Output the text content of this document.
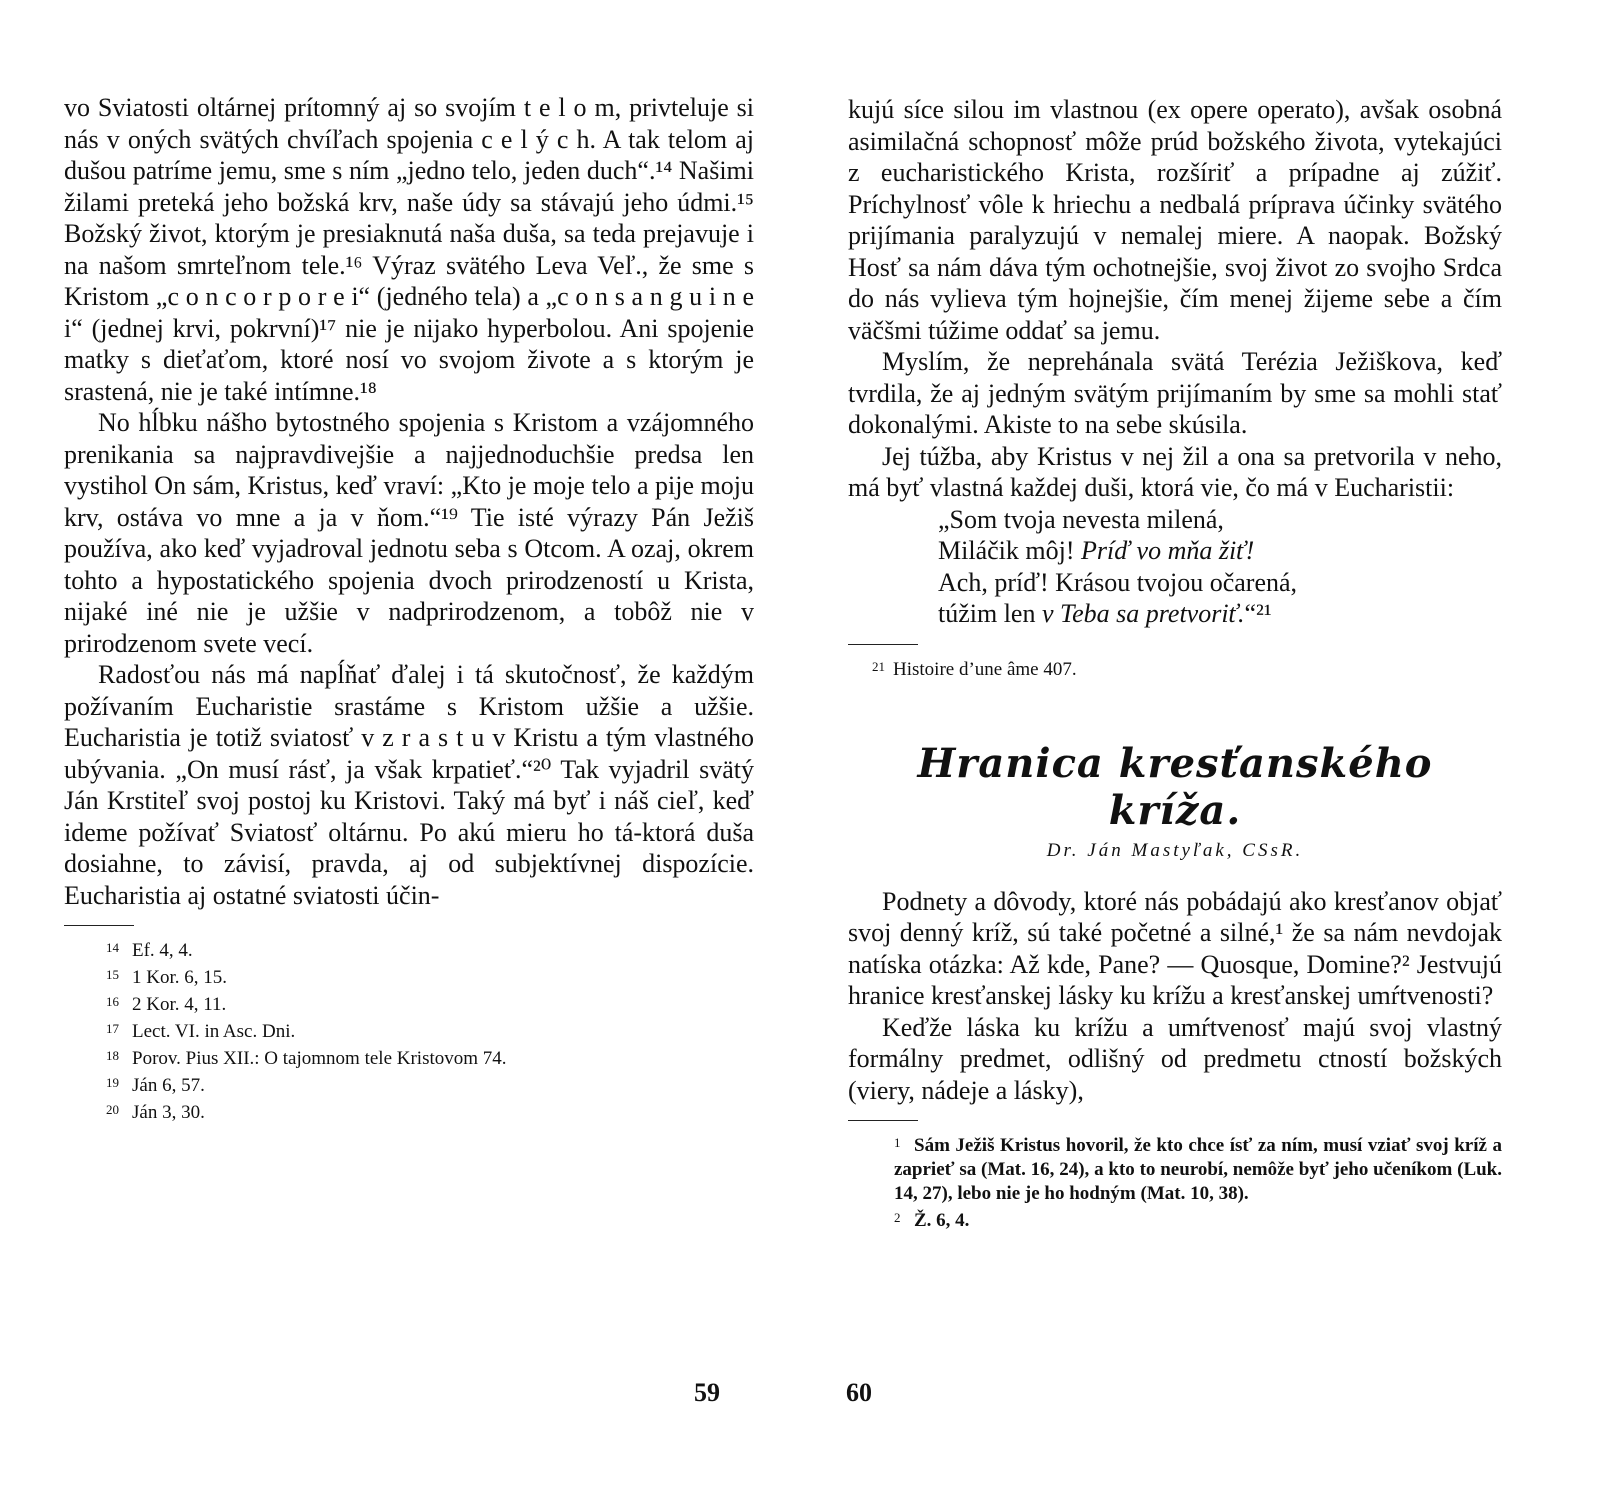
vo Sviatosti oltárnej prítomný aj so svojím t e l o m, privteluje si nás v oných svätých chvíľach spojenia c e l ý c h. A tak telom aj dušou patríme jemu, sme s ním „jedno telo, jeden duch“.¹⁴ Našimi žilami preteká jeho božská krv, naše údy sa stávajú jeho údmi.¹⁵ Božský život, ktorým je presiaknutá naša duša, sa teda prejavuje i na našom smrteľnom tele.¹⁶ Výraz svätého Leva Veľ., že sme s Kristom „c o n c o r p o r e i“ (jedného tela) a „c o n s a n g u i n e i“ (jednej krvi, pokrvní)¹⁷ nie je nijako hyperbolou. Ani spojenie matky s dieťaťom, ktoré nosí vo svojom živote a s ktorým je srastená, nie je také intímne.¹⁸

No hĺbku nášho bytostného spojenia s Kristom a vzájomného prenikania sa najpravdivejšie a najjednoduchšie predsa len vystihol On sám, Kristus, keď vraví: „Kto je moje telo a pije moju krv, ostáva vo mne a ja v ňom.“¹⁹ Tie isté výrazy Pán Ježiš používa, ako keď vyjadroval jednotu seba s Otcom. A ozaj, okrem tohto a hypostatického spojenia dvoch prirodzeností u Krista, nijaké iné nie je užšie v nadprirodzenom, a tobôž nie v prirodzenom svete vecí.

Radosťou nás má napĺňať ďalej i tá skutočnosť, že každým požívaním Eucharistie srastáme s Kristom užšie a užšie. Eucharistia je totiž sviatosť v z r a s t u v Kristu a tým vlastného ubývania. „On musí rásť, ja však krpatieť.“²⁰ Tak vyjadril svätý Ján Krstiteľ svoj postoj ku Kristovi. Taký má byť i náš cieľ, keď ideme požívať Sviatosť oltárnu. Po akú mieru ho tá-ktorá duša dosiahne, to závisí, pravda, aj od subjektívnej dispozície. Eucharistia aj ostatné sviatosti účin-

14 Ef. 4, 4.
15 1 Kor. 6, 15.
16 2 Kor. 4, 11.
17 Lect. VI. in Asc. Dni.
18 Porov. Pius XII.: O tajomnom tele Kristovom 74.
19 Ján 6, 57.
20 Ján 3, 30.
59

kujú síce silou im vlastnou (ex opere operato), avšak osobná asimilačná schopnosť môže prúd božského života, vytekajúci z eucharistického Krista, rozšíriť a prípadne aj zúžiť. Príchylnosť vôle k hriechu a nedbalá príprava účinky svätého prijímania paralyzujú v nemalej miere. A naopak. Božský Hosť sa nám dáva tým ochotnejšie, svoj život zo svojho Srdca do nás vylieva tým hojnejšie, čím menej žijeme sebe a čím väčšmi túžime oddať sa jemu.

Myslím, že neprehánala svätá Terézia Ježiškova, keď tvrdila, že aj jedným svätým prijímaním by sme sa mohli stať dokonalými. Akiste to na sebe skúsila.

Jej túžba, aby Kristus v nej žil a ona sa pretvorila v neho, má byť vlastná každej duši, ktorá vie, čo má v Eucharistii:

„Som tvoja nevesta milená,
Miláčik môj! Príď vo mňa žiť!
Ach, príď! Krásou tvojou očarená,
túžim len v Teba sa pretvoriť.“²¹
$^{21}$ Histoire d’une âme 407.
Hranica kresťanského kríža.
Dr. Ján Mastyľak, CSsR.

Podnety a dôvody, ktoré nás pobádajú ako kresťanov objať svoj denný kríž, sú také početné a silné,¹ že sa nám nevdojak natíska otázka: Až kde, Pane? — Quosque, Domine?² Jestvujú hranice kresťanskej lásky ku krížu a kresťanskej umŕtvenosti?

Keďže láska ku krížu a umŕtvenosť majú svoj vlastný formálny predmet, odlišný od predmetu ctností božských (viery, nádeje a lásky),

1 Sám Ježiš Kristus hovoril, že kto chce ísť za ním, musí vziať svoj kríž a zaprieť sa (Mat. 16, 24), a kto to neurobí, nemôže byť jeho učeníkom (Luk. 14, 27), lebo nie je ho hodným (Mat. 10, 38).
2 Ž. 6, 4.
60
